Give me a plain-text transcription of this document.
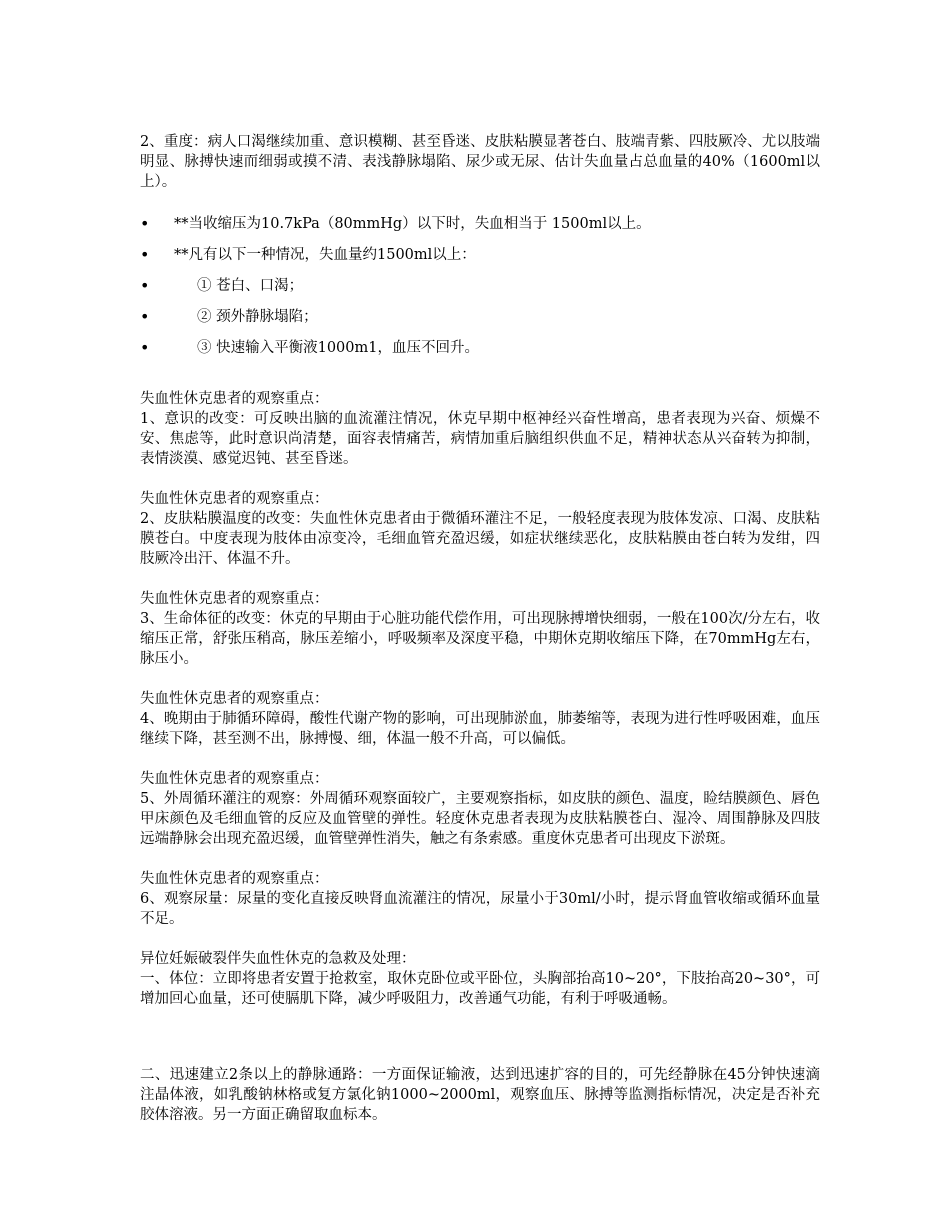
2、重度：病人口渴继续加重、意识模糊、甚至昏迷、皮肤粘膜显著苍白、肢端青紫、四肢厥冷、尤以肢端明显、脉搏快速而细弱或摸不清、表浅静脉塌陷、尿少或无尿、估计失血量占总血量的40%（1600ml以上）。

• **当收缩压为10.7kPa（80mmHg）以下时，失血相当于 1500ml以上。
• **凡有以下一种情况，失血量约1500ml以上：
•	① 苍白、口渴；
•	② 颈外静脉塌陷；
•	③ 快速输入平衡液1000m1，血压不回升。

失血性休克患者的观察重点：

1、意识的改变：可反映出脑的血流灌注情况，休克早期中枢神经兴奋性增高，患者表现为兴奋、烦燥不安、焦虑等，此时意识尚清楚，面容表情痛苦，病情加重后脑组织供血不足，精神状态从兴奋转为抑制，表情淡漠、感觉迟钝、甚至昏迷。

失血性休克患者的观察重点：

2、皮肤粘膜温度的改变：失血性休克患者由于微循环灌注不足，一般轻度表现为肢体发凉、口渴、皮肤粘膜苍白。中度表现为肢体由凉变冷，毛细血管充盈迟缓，如症状继续恶化，皮肤粘膜由苍白转为发绀，四肢厥冷出汗、体温不升。

失血性休克患者的观察重点：

3、生命体征的改变：休克的早期由于心脏功能代偿作用，可出现脉搏增快细弱，一般在100次/分左右，收缩压正常，舒张压稍高，脉压差缩小，呼吸频率及深度平稳，中期休克期收缩压下降，在70mmHg左右，脉压小。

失血性休克患者的观察重点：

4、晚期由于肺循环障碍，酸性代谢产物的影响，可出现肺淤血，肺萎缩等，表现为进行性呼吸困难，血压继续下降，甚至测不出，脉搏慢、细，体温一般不升高，可以偏低。

失血性休克患者的观察重点：

5、外周循环灌注的观察：外周循环观察面较广，主要观察指标，如皮肤的颜色、温度，睑结膜颜色、唇色甲床颜色及毛细血管的反应及血管壁的弹性。轻度休克患者表现为皮肤粘膜苍白、湿冷、周围静脉及四肢远端静脉会出现充盈迟缓，血管壁弹性消失，触之有条索感。重度休克患者可出现皮下淤斑。

失血性休克患者的观察重点：

6、观察尿量：尿量的变化直接反映肾血流灌注的情况，尿量小于30ml/小时，提示肾血管收缩或循环血量不足。

异位妊娠破裂伴失血性休克的急救及处理：

一、体位：立即将患者安置于抢救室，取休克卧位或平卧位，头胸部抬高10~20°，下肢抬高20~30°，可增加回心血量，还可使膈肌下降，减少呼吸阻力，改善通气功能，有利于呼吸通畅。

二、迅速建立2条以上的静脉通路：一方面保证输液，达到迅速扩容的目的，可先经静脉在45分钟快速滴注晶体液，如乳酸钠林格或复方氯化钠1000~2000ml，观察血压、脉搏等监测指标情况，决定是否补充胶体溶液。另一方面正确留取血标本。
